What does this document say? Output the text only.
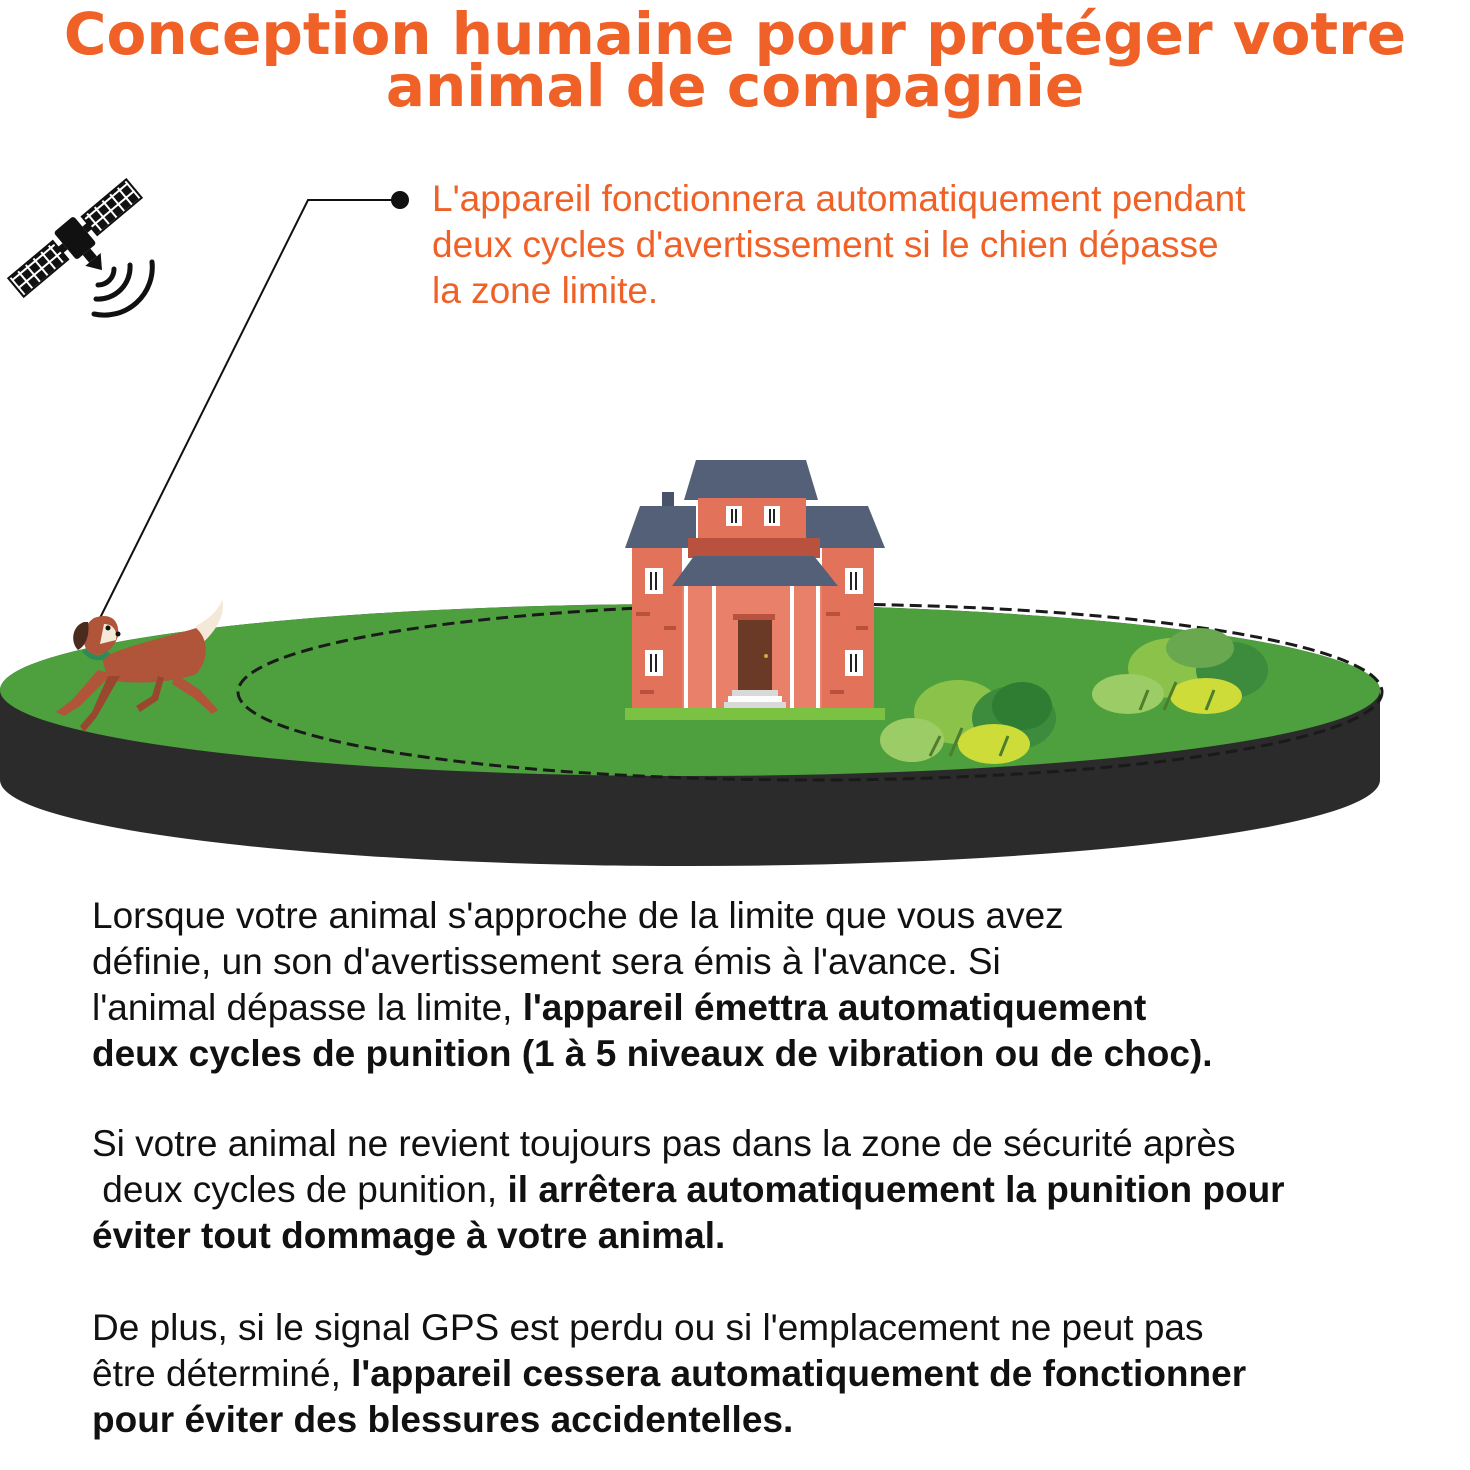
Conception humaine pour protéger votre
animal de compagnie

L'appareil fonctionnera automatiquement pendant
deux cycles d'avertissement si le chien dépasse
la zone limite.

Lorsque votre animal s'approche de la limite que vous avez
définie, un son d'avertissement sera émis à l'avance. Si
l'animal dépasse la limite, l'appareil émettra automatiquement
deux cycles de punition (1 à 5 niveaux de vibration ou de choc).

Si votre animal ne revient toujours pas dans la zone de sécurité après
deux cycles de punition, il arrêtera automatiquement la punition pour
éviter tout dommage à votre animal.

De plus, si le signal GPS est perdu ou si l'emplacement ne peut pas
être déterminé, l'appareil cessera automatiquement de fonctionner
pour éviter des blessures accidentelles.
